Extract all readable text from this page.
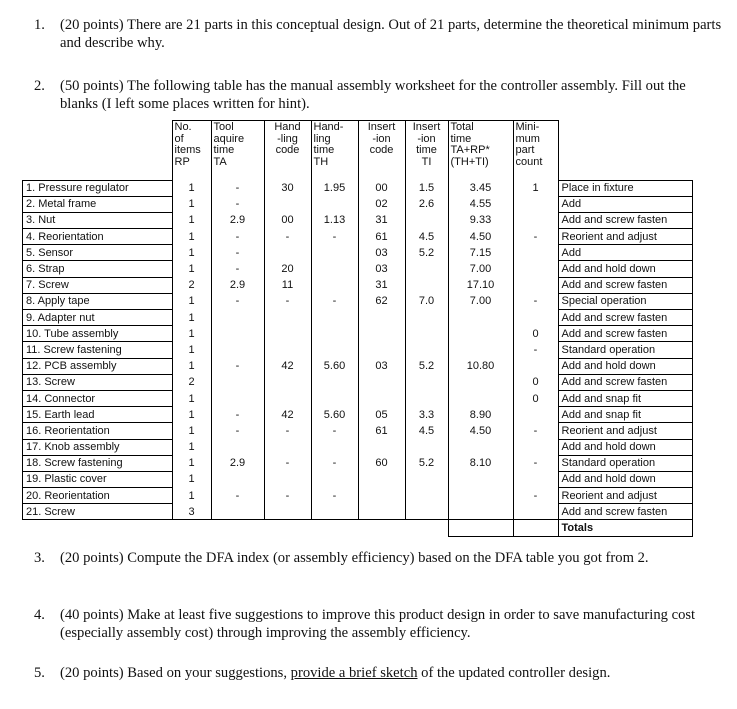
1. (20 points) There are 21 parts in this conceptual design. Out of 21 parts, determine the theoretical minimum parts and describe why.
2. (50 points) The following table has the manual assembly worksheet for the controller assembly. Fill out the blanks (I left some places written for hint).
	No.
of
items
RP	Tool
aquire
time
TA	Hand
-ling
code	Hand-
ling
time
TH	Insert
-ion
code	Insert
-ion
time
TI	Total
time
TA+RP*
(TH+TI)	Mini-
mum
part
count	
1. Pressure regulator	1	-	30	1.95	00	1.5	3.45	1	Place in fixture
2. Metal frame	1	-			02	2.6	4.55		Add
3. Nut	1	2.9	00	1.13	31		9.33		Add and screw fasten
4. Reorientation	1	-	-	-	61	4.5	4.50	-	Reorient and adjust
5. Sensor	1	-			03	5.2	7.15		Add
6. Strap	1	-	20		03		7.00		Add and hold down
7. Screw	2	2.9	11		31		17.10		Add and screw fasten
8. Apply tape	1	-	-	-	62	7.0	7.00	-	Special operation
9. Adapter nut	1								Add and screw fasten
10. Tube assembly	1							0	Add and screw fasten
11. Screw fastening	1							-	Standard operation
12. PCB assembly	1	-	42	5.60	03	5.2	10.80		Add and hold down
13. Screw	2							0	Add and screw fasten
14. Connector	1							0	Add and snap fit
15. Earth lead	1	-	42	5.60	05	3.3	8.90		Add and snap fit
16. Reorientation	1	-	-	-	61	4.5	4.50	-	Reorient and adjust
17. Knob assembly	1								Add and hold down
18. Screw fastening	1	2.9	-	-	60	5.2	8.10	-	Standard operation
19. Plastic cover	1								Add and hold down
20. Reorientation	1	-	-	-				-	Reorient and adjust
21. Screw	3								Add and screw fasten
									Totals
3. (20 points) Compute the DFA index (or assembly efficiency) based on the DFA table you got from 2.
4. (40 points) Make at least five suggestions to improve this product design in order to save manufacturing cost (especially assembly cost) through improving the assembly efficiency.
5. (20 points) Based on your suggestions, provide a brief sketch of the updated controller design.
